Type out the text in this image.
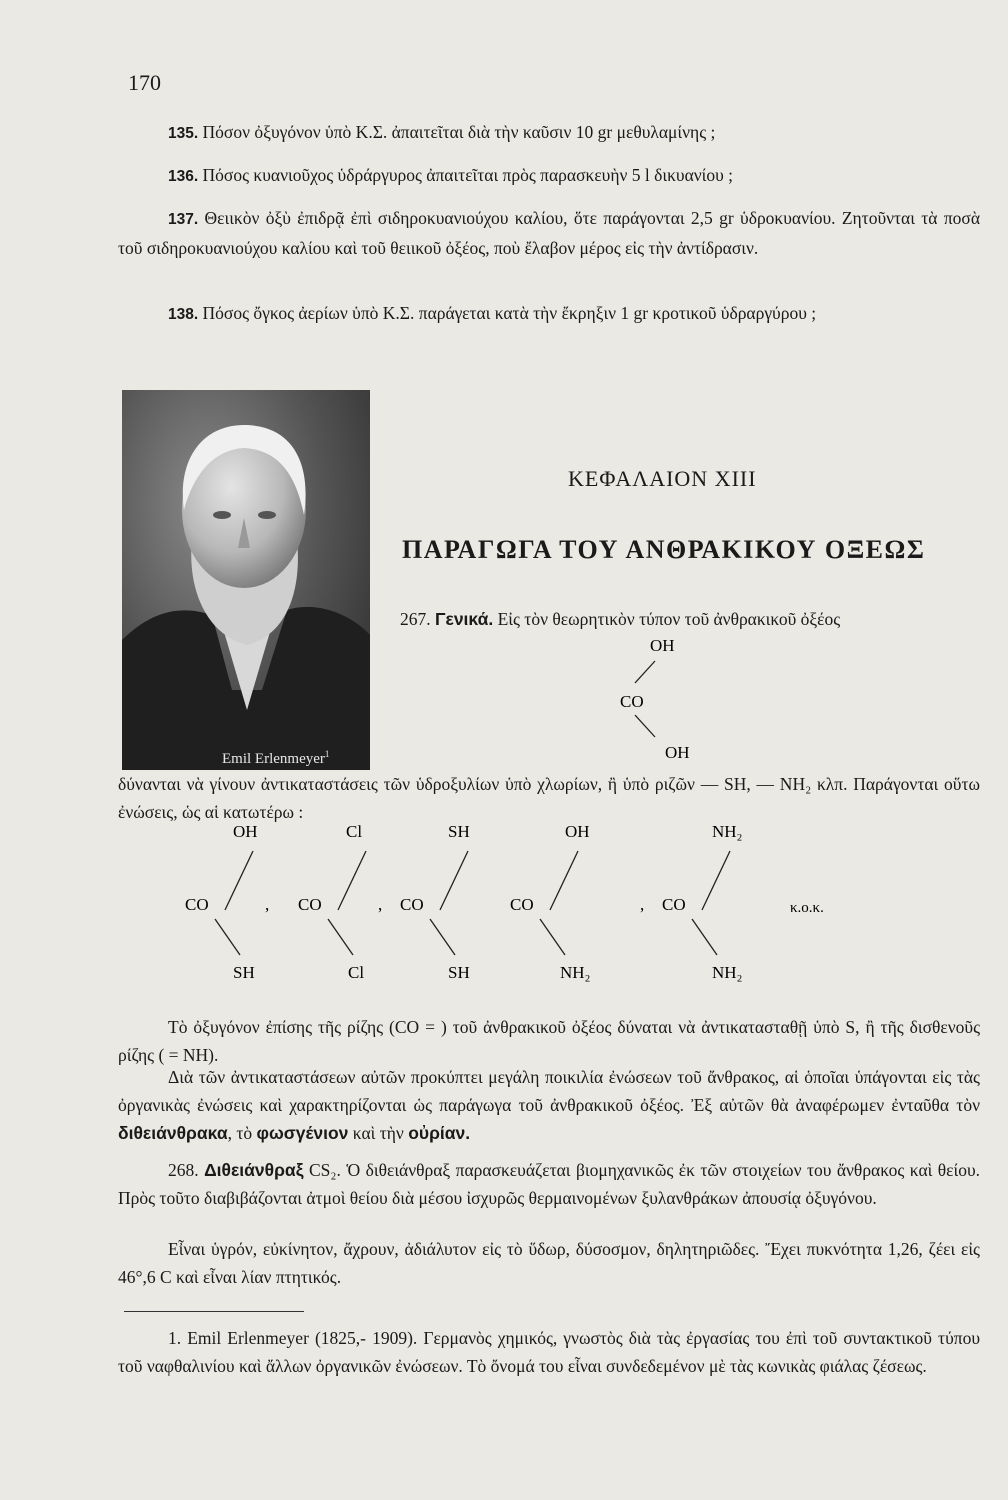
170

135. Πόσον ὀξυγόνον ὑπὸ Κ.Σ. ἀπαιτεῖται διὰ τὴν καῦσιν 10 gr μεθυλαμίνης ;

136. Πόσος κυανιοῦχος ὑδράργυρος ἀπαιτεῖται πρὸς παρασκευὴν 5 l δικυανίου ;

137. Θειικὸν ὀξὺ ἐπιδρᾷ ἐπὶ σιδηροκυανιούχου καλίου, ὅτε παράγονται 2,5 gr ὑδροκυανίου. Ζητοῦνται τὰ ποσὰ τοῦ σιδηροκυανιούχου καλίου καὶ τοῦ θειικοῦ ὀξέος, ποὺ ἔλαβον μέρος εἰς τὴν ἀντίδρασιν.

138. Πόσος ὄγκος ἀερίων ὑπὸ Κ.Σ. παράγεται κατὰ τὴν ἔκρηξιν 1 gr κροτικοῦ ὑδραργύρου ;

Emil Erlenmeyer$^1$
ΚΕΦΑΛΑΙΟΝ XIII
ΠΑΡΑΓΩΓΑ ΤΟΥ ΑΝΘΡΑΚΙΚΟΥ ΟΞΕΩΣ

267. Γενικά. Εἰς τὸν θεωρητικὸν τύπον τοῦ ἀνθρακικοῦ ὀξέος

OH
CO
OH

δύνανται νὰ γίνουν ἀντικαταστάσεις τῶν ὑδροξυλίων ὑπὸ χλωρίων, ἢ ὑπὸ ριζῶν — SH, — NH₂ κλπ. Παράγονται οὕτω ἐνώσεις, ὡς αἱ κατωτέρω :

OH
CO
SH
,
Cl
CO
Cl
,
SH
CO
SH
OH
CO
NH₂
,
NH₂
CO
NH₂
κ.ο.κ.

Τὸ ὀξυγόνον ἐπίσης τῆς ρίζης (CO = ) τοῦ ἀνθρακικοῦ ὀξέος δύναται νὰ ἀντικατασταθῇ ὑπὸ S, ἢ τῆς δισθενοῦς ρίζης ( = NH).

Διὰ τῶν ἀντικαταστάσεων αὐτῶν προκύπτει μεγάλη ποικιλία ἐνώσεων τοῦ ἄνθρακος, αἱ ὁποῖαι ὑπάγονται εἰς τὰς ὀργανικὰς ἐνώσεις καὶ χαρακτηρίζονται ὡς παράγωγα τοῦ ἀνθρακικοῦ ὀξέος. Ἐξ αὐτῶν θὰ ἀναφέρωμεν ἐνταῦθα τὸν διθειάνθρακα, τὸ φωσγένιον καὶ τὴν οὐρίαν.

268. Διθειάνθραξ CS₂. Ὁ διθειάνθραξ παρασκευάζεται βιομηχανικῶς ἐκ τῶν στοιχείων του ἄνθρακος καὶ θείου. Πρὸς τοῦτο διαβιβάζονται ἀτμοὶ θείου διὰ μέσου ἰσχυρῶς θερμαινομένων ξυλανθράκων ἀπουσίᾳ ὀξυγόνου.

Εἶναι ὑγρόν, εὐκίνητον, ἄχρουν, ἀδιάλυτον εἰς τὸ ὕδωρ, δύσοσμον, δηλητηριῶδες. Ἔχει πυκνότητα 1,26, ζέει εἰς 46°,6 C καὶ εἶναι λίαν πτητικός.

1. Emil Erlenmeyer (1825,- 1909). Γερμανὸς χημικός, γνωστὸς διὰ τὰς ἐργασίας του ἐπὶ τοῦ συντακτικοῦ τύπου τοῦ ναφθαλινίου καὶ ἄλλων ὀργανικῶν ἐνώσεων. Τὸ ὄνομά του εἶναι συνδεδεμένον μὲ τὰς κωνικὰς φιάλας ζέσεως.
